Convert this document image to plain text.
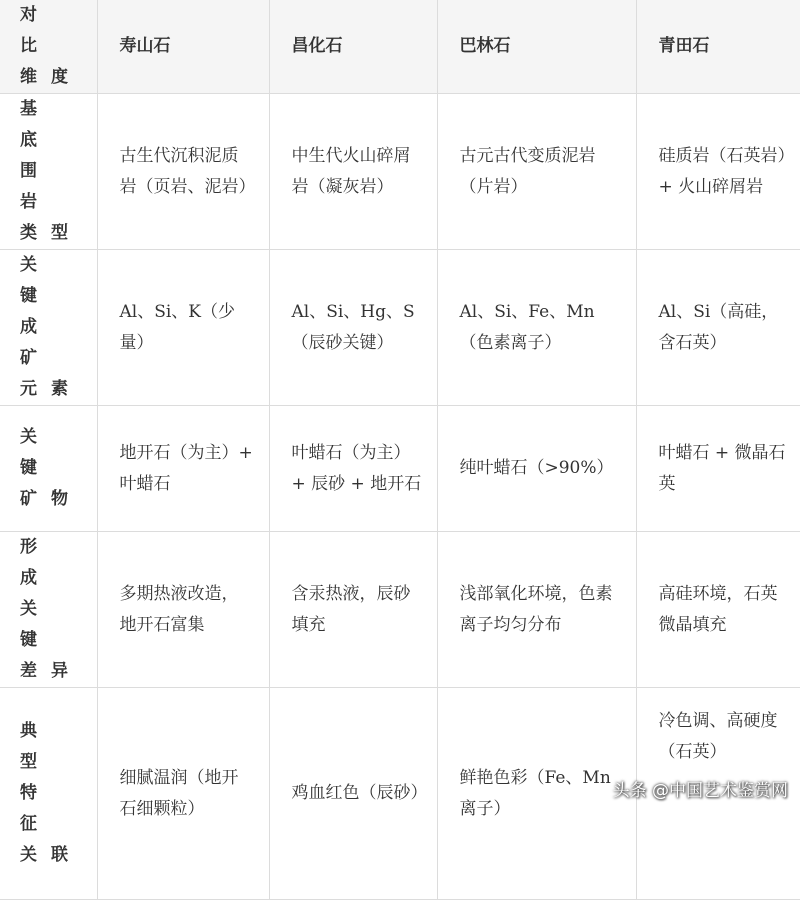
对 比
维度	寿山石	昌化石	巴林石	青田石

基 底
围 岩
类型	古生代沉积泥质岩（页岩、泥岩）	中生代火山碎屑岩（凝灰岩）	古元古代变质泥岩（片岩）	硅质岩（石英岩）+ 火山碎屑岩

关 键
成 矿
元素	Al、Si、K（少量）	Al、Si、Hg、S（辰砂关键）	Al、Si、Fe、Mn（色素离子）	Al、Si（高硅，含石英）

关 键
矿物	地开石（为主）+ 叶蜡石	叶蜡石（为主）+ 辰砂 + 地开石	纯叶蜡石（>90%）	叶蜡石 + 微晶石英

形 成
关 键
差异	多期热液改造，地开石富集	含汞热液，辰砂填充	浅部氧化环境，色素离子均匀分布	高硅环境，石英微晶填充

典 型
特 征
关联	细腻温润（地开石细颗粒）	鸡血红色（辰砂）	鲜艳色彩（Fe、Mn离子）	冷色调、高硬度（石英）
头条 @中国艺术鉴赏网
